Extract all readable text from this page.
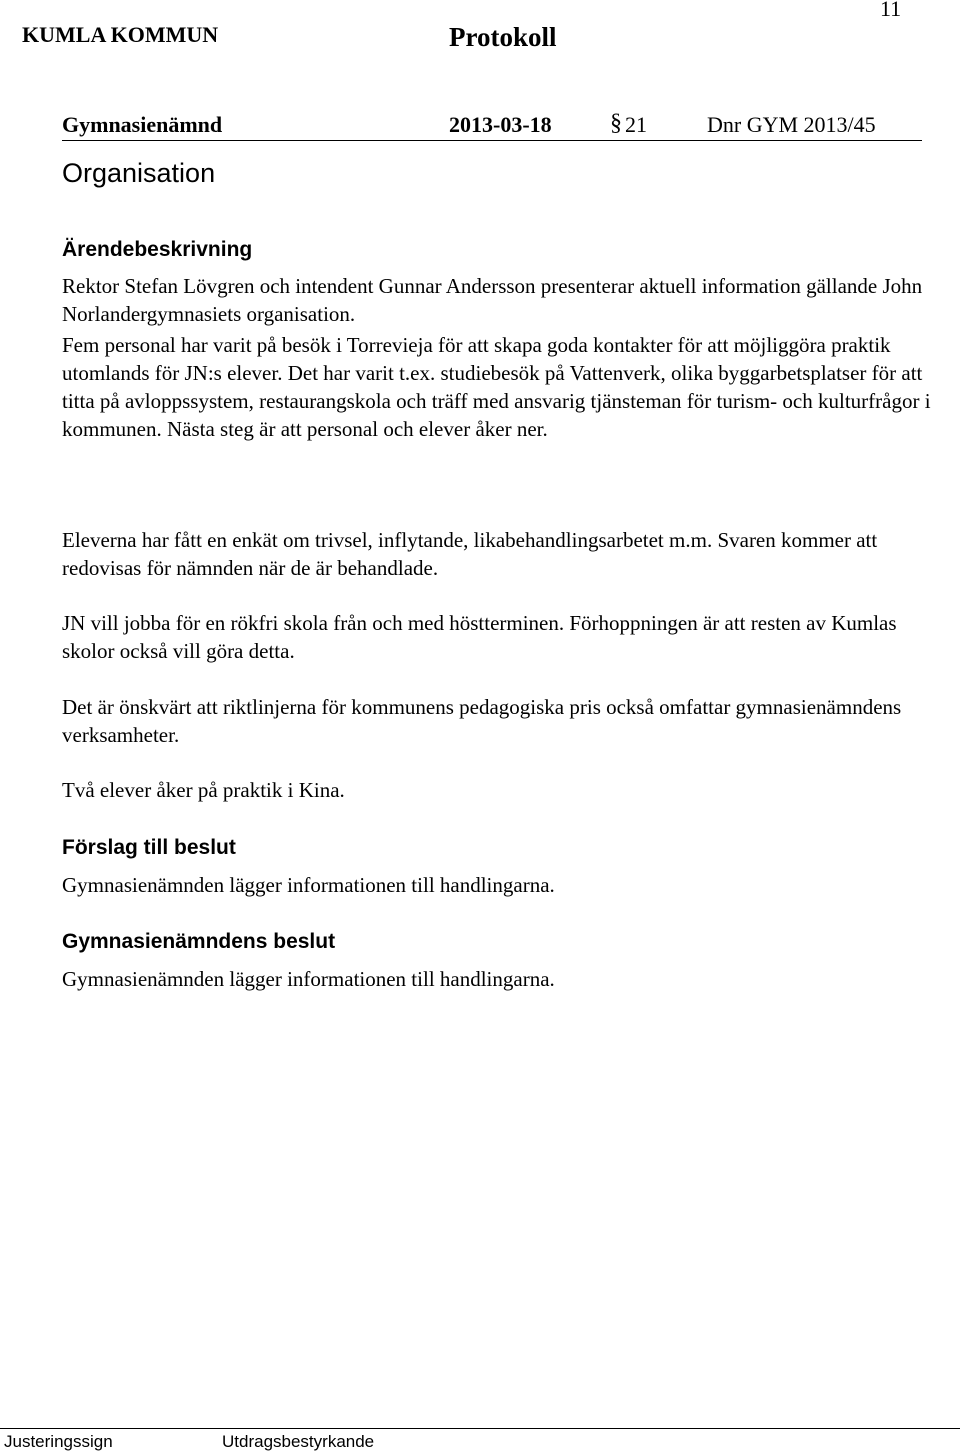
KUMLA KOMMUN	Protokoll
11
Gymnasienämnd	2013-03-18 § 21	Dnr GYM 2013/45
Organisation
Ärendebeskrivning

Rektor Stefan Lövgren och intendent Gunnar Andersson presenterar aktuell information gällande John Norlandergymnasiets organisation.

Fem personal har varit på besök i Torrevieja för att skapa goda kontakter för att möjliggöra praktik utomlands för JN:s elever. Det har varit t.ex. studiebesök på Vattenverk, olika byggarbetsplatser för att titta på avloppssystem, restaurangskola och träff med ansvarig tjänsteman för turism- och kulturfrågor i kommunen. Nästa steg är att personal och elever åker ner.

Eleverna har fått en enkät om trivsel, inflytande, likabehandlingsarbetet m.m. Svaren kommer att redovisas för nämnden när de är behandlade.

JN vill jobba för en rökfri skola från och med höstterminen. Förhoppningen är att resten av Kumlas skolor också vill göra detta.

Det är önskvärt att riktlinjerna för kommunens pedagogiska pris också omfattar gymnasienämndens verksamheter.

Två elever åker på praktik i Kina.

Förslag till beslut
Gymnasienämnden lägger informationen till handlingarna.
Gymnasienämndens beslut
Gymnasienämnden lägger informationen till handlingarna.
Justeringssign	Utdragsbestyrkande
